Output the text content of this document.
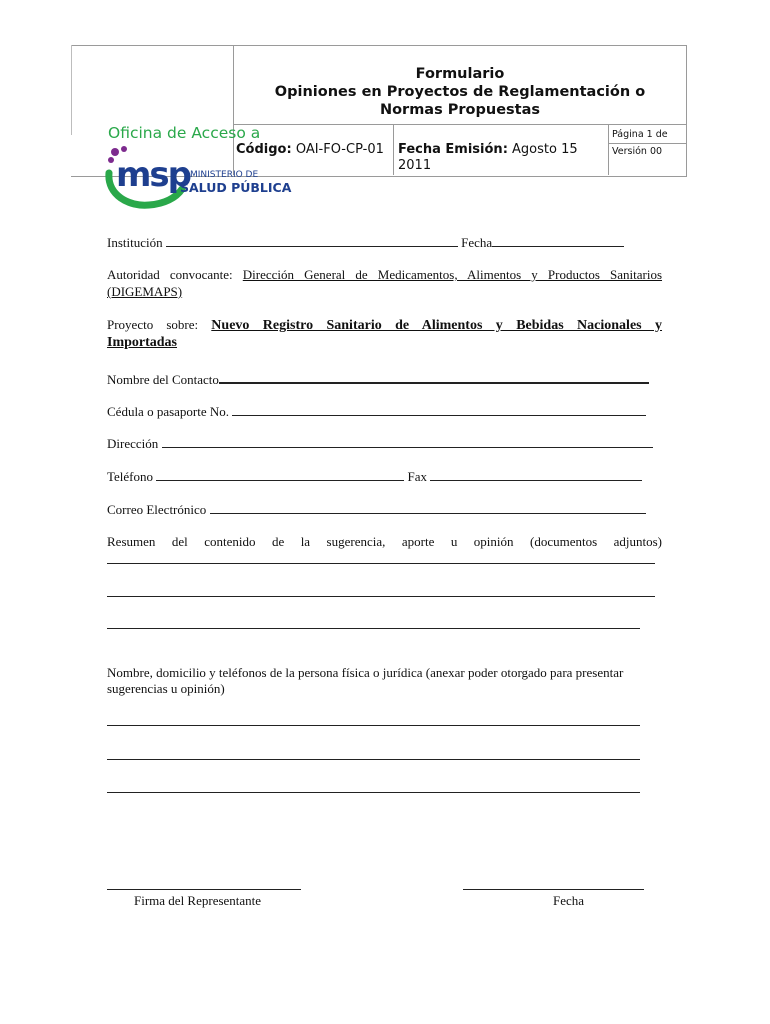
Formulario
Opiniones en Proyectos de Reglamentación o
Normas Propuestas
Código: OAI-FO-CP-01 Fecha Emisión: Agosto 15 2011
Página 1 de
Versión 00
msp MINISTERIO DE
SALUD PÚBLICA
Oficina de Acceso a
Institución	Fecha
Autoridad convocante: Dirección General de Medicamentos, Alimentos y Productos Sanitarios
(DIGEMAPS)
Proyecto sobre: Nuevo Registro Sanitario de Alimentos y Bebidas Nacionales y
Importadas
Nombre del Contacto
Cédula o pasaporte No.
Dirección
Teléfono	Fax
Correo Electrónico
Resumen del contenido de la sugerencia, aporte u opinión (documentos adjuntos)
Nombre, domicilio y teléfonos de la persona física o jurídica (anexar poder otorgado para presentar
sugerencias u opinión)
Firma del Representante	Fecha
